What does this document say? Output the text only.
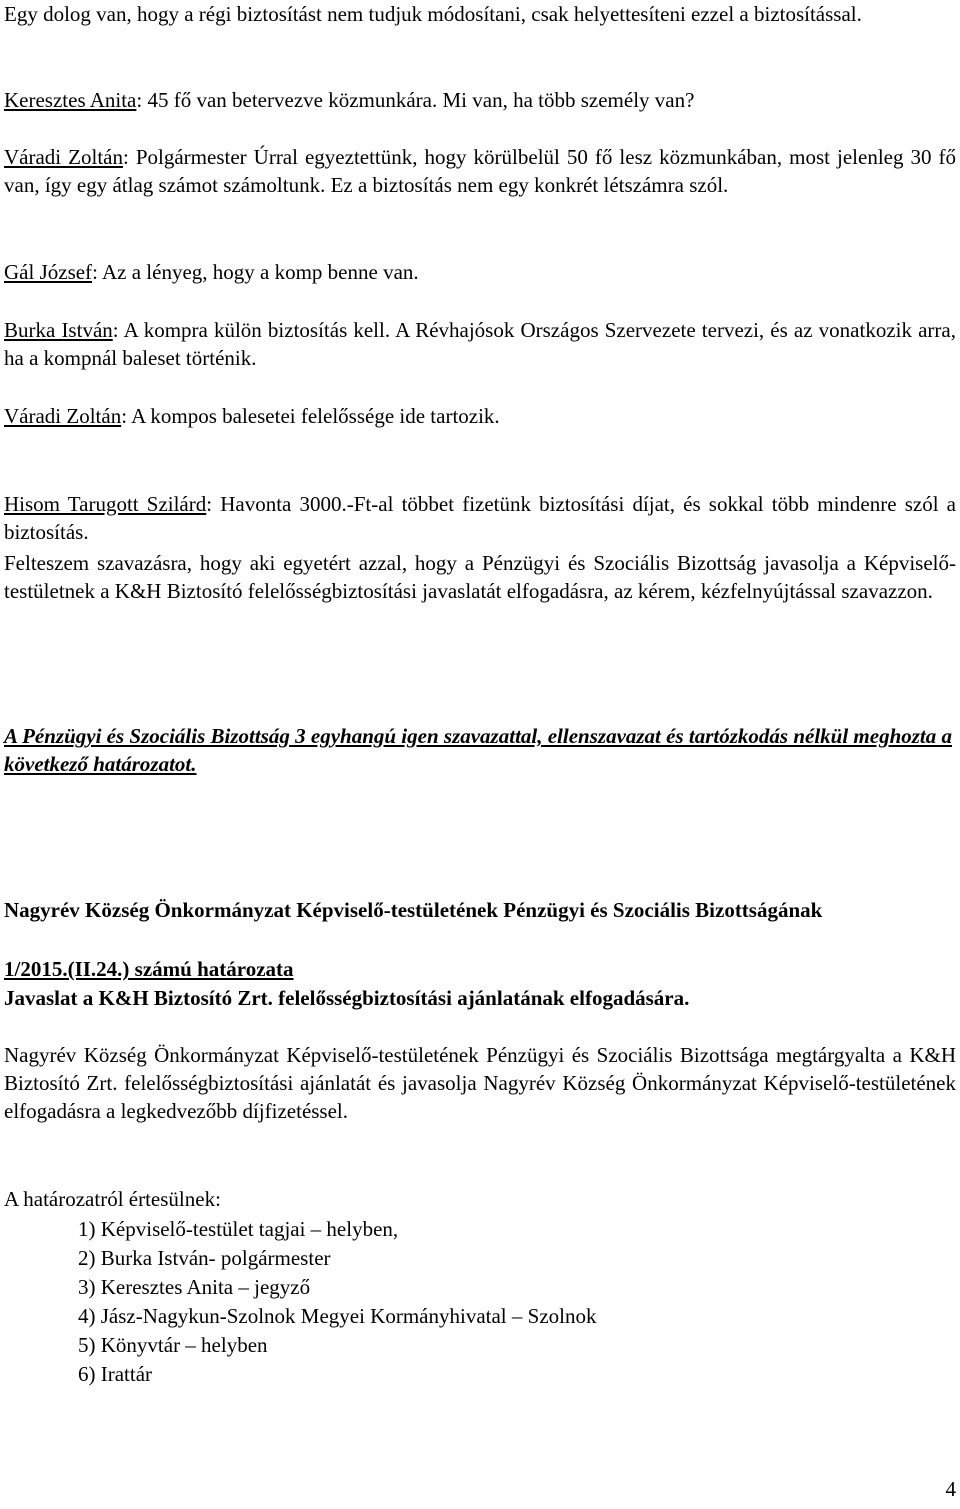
Egy dolog van, hogy a régi biztosítást nem tudjuk módosítani, csak helyettesíteni ezzel a biztosítással.

Keresztes Anita: 45 fő van betervezve közmunkára. Mi van, ha több személy van?

Váradi Zoltán: Polgármester Úrral egyeztettünk, hogy körülbelül 50 fő lesz közmunkában, most jelenleg 30 fő van, így egy átlag számot számoltunk. Ez a biztosítás nem egy konkrét létszámra szól.

Gál József: Az a lényeg, hogy a komp benne van.

Burka István: A kompra külön biztosítás kell. A Révhajósok Országos Szervezete tervezi, és az vonatkozik arra, ha a kompnál baleset történik.

Váradi Zoltán: A kompos balesetei felelőssége ide tartozik.

Hisom Tarugott Szilárd: Havonta 3000.-Ft-al többet fizetünk biztosítási díjat, és sokkal több mindenre szól a biztosítás.

Felteszem szavazásra, hogy aki egyetért azzal, hogy a Pénzügyi és Szociális Bizottság javasolja a Képviselő-testületnek a K&H Biztosító felelősségbiztosítási javaslatát elfogadásra, az kérem, kézfelnyújtással szavazzon.

A Pénzügyi és Szociális Bizottság 3 egyhangú igen szavazattal, ellenszavazat és tartózkodás nélkül meghozta a következő határozatot.

Nagyrév Község Önkormányzat Képviselő-testületének Pénzügyi és Szociális Bizottságának

1/2015.(II.24.) számú határozata

Javaslat a K&H Biztosító Zrt. felelősségbiztosítási ajánlatának elfogadására.

Nagyrév Község Önkormányzat Képviselő-testületének Pénzügyi és Szociális Bizottsága megtárgyalta a K&H Biztosító Zrt. felelősségbiztosítási ajánlatát és javasolja Nagyrév Község Önkormányzat Képviselő-testületének elfogadásra a legkedvezőbb díjfizetéssel.

A határozatról értesülnek:

1) Képviselő-testület tagjai – helyben,
2) Burka István- polgármester
3) Keresztes Anita – jegyző
4) Jász-Nagykun-Szolnok Megyei Kormányhivatal – Szolnok
5) Könyvtár – helyben
6) Irattár
4
